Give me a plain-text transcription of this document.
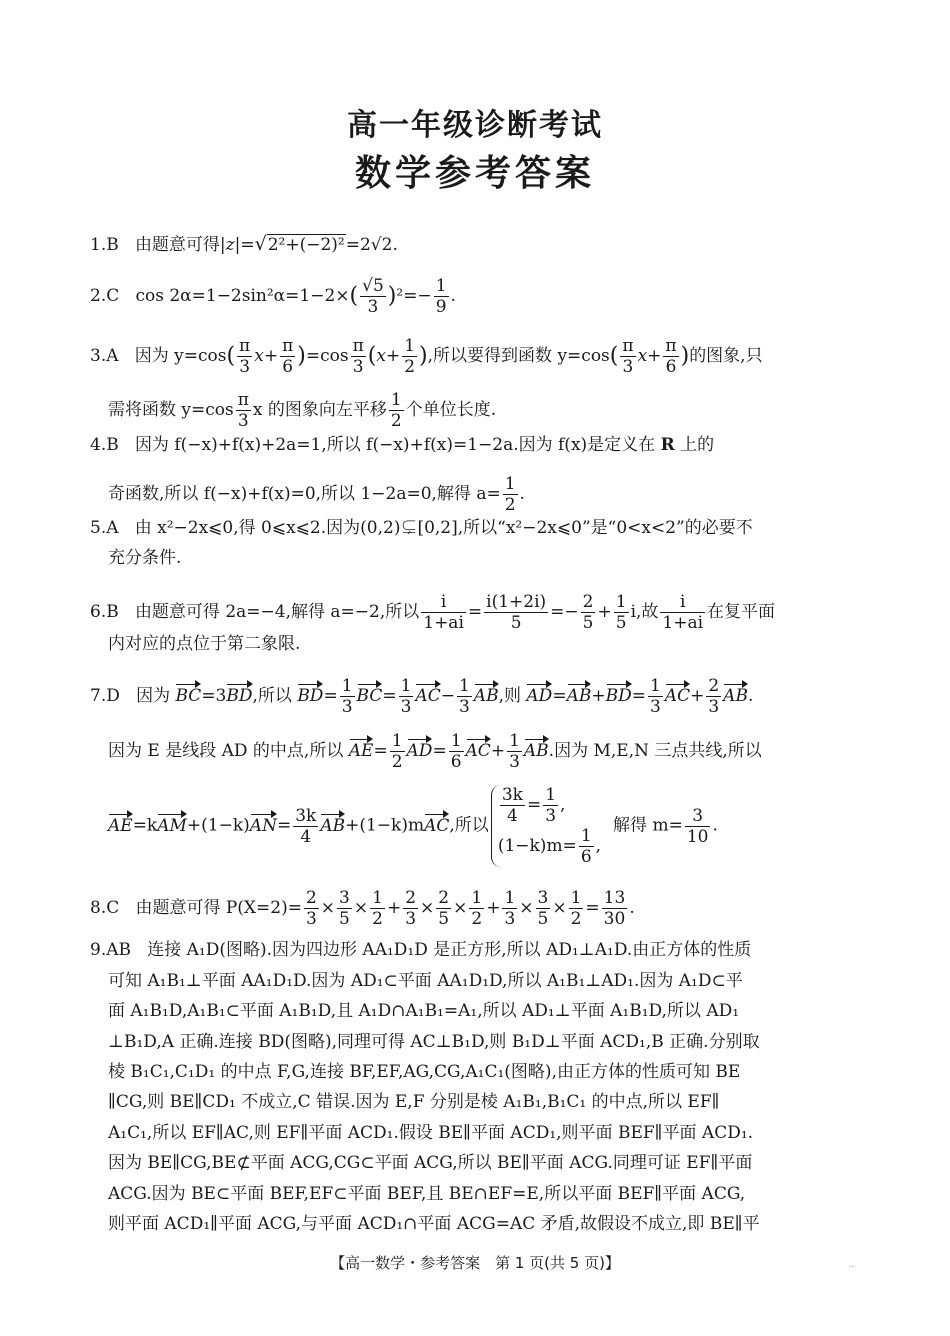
高一年级诊断考试
数学参考答案
1.B 由题意可得|z|=√2²+(−2)²=2√2.
2.C $\cos 2\alpha=1-2\sin^2\alpha=1-2\times( \frac{√5}{3} )^2=- \frac{1}{9}$ .
3.A 因为 $y=\cos( \frac{\pi}{3} x+ \frac{\pi}{6} )=\cos \frac{\pi}{3} (x+ \frac{1}{2}$ ),所以要得到函数 $y=\cos( \frac{\pi}{3} x+ \frac{\pi}{6}$ )的图象,只
需将函数 $y=\cos \frac{\pi}{3}$ x 的图象向左平移 $\frac{1}{2}$ 个单位长度.
4.B 因为 f(−x)+f(x)+2a=1,所以 f(−x)+f(x)=1−2a.因为 f(x)是定义在 R 上的
奇函数,所以 f(−x)+f(x)=0,所以 1−2a=0,解得 $a= \frac{1}{2}$ .
5.A 由 x²−2x⩽0,得 0⩽x⩽2.因为(0,2)⊊[0,2],所以“x²−2x⩽0”是“0<x<2”的必要不
充分条件.
6.B 由题意可得 2a=−4,解得 a=−2,所以 $\frac{i}{1+ai} = \frac{i(1+2i)}{5} =- \frac{2}{5} + \frac{1}{5} i$,故 $\frac{i}{1+ai}$ 在复平面
内对应的点位于第二象限.
7.D 因为 BC=3BD,所以 $BD= \frac{1}{3} BC= \frac{1}{3} AC- \frac{1}{3}$ AB,则 $AD=AB+BD= \frac{1}{3} AC+ \frac{2}{3}$ AB.
因为 E 是线段 AD 的中点,所以 $AE= \frac{1}{2} AD= \frac{1}{6} AC+ \frac{1}{3}$ AB.因为 M,E,N 三点共线,所以
$AE=kAM+(1-k)AN= \frac{3k}{4} AB+(1-k)mAC$,所以 $\frac{3k}{4} = \frac{1}{3}$ ,
$(1-k)m= \frac{1}{6}$ ,
解得 $m= \frac{3}{10}$ .
8.C 由题意可得 $P(X=2)= \frac{2}{3} \times \frac{3}{5} \times \frac{1}{2} + \frac{2}{3} \times \frac{2}{5} \times \frac{1}{2} + \frac{1}{3} \times \frac{3}{5} \times \frac{1}{2} = \frac{13}{30}$ .
9.AB 连接 A₁D(图略).因为四边形 AA₁D₁D 是正方形,所以 AD₁⊥A₁D.由正方体的性质
可知 A₁B₁⊥平面 AA₁D₁D.因为 AD₁⊂平面 AA₁D₁D,所以 A₁B₁⊥AD₁.因为 A₁D⊂平
面 A₁B₁D,A₁B₁⊂平面 A₁B₁D,且 A₁D∩A₁B₁=A₁,所以 AD₁⊥平面 A₁B₁D,所以 AD₁
⊥B₁D,A 正确.连接 BD(图略),同理可得 AC⊥B₁D,则 B₁D⊥平面 ACD₁,B 正确.分别取
棱 B₁C₁,C₁D₁ 的中点 F,G,连接 BF,EF,AG,CG,A₁C₁(图略),由正方体的性质可知 BE
∥CG,则 BE∥CD₁ 不成立,C 错误.因为 E,F 分别是棱 A₁B₁,B₁C₁ 的中点,所以 EF∥
A₁C₁,所以 EF∥AC,则 EF∥平面 ACD₁.假设 BE∥平面 ACD₁,则平面 BEF∥平面 ACD₁.
因为 BE∥CG,BE⊄平面 ACG,CG⊂平面 ACG,所以 BE∥平面 ACG.同理可证 EF∥平面
ACG.因为 BE⊂平面 BEF,EF⊂平面 BEF,且 BE∩EF=E,所以平面 BEF∥平面 ACG,
则平面 ACD₁∥平面 ACG,与平面 ACD₁∩平面 ACG=AC 矛盾,故假设不成立,即 BE∥平
【高一数学・参考答案　第 1 页(共 5 页)】	··
